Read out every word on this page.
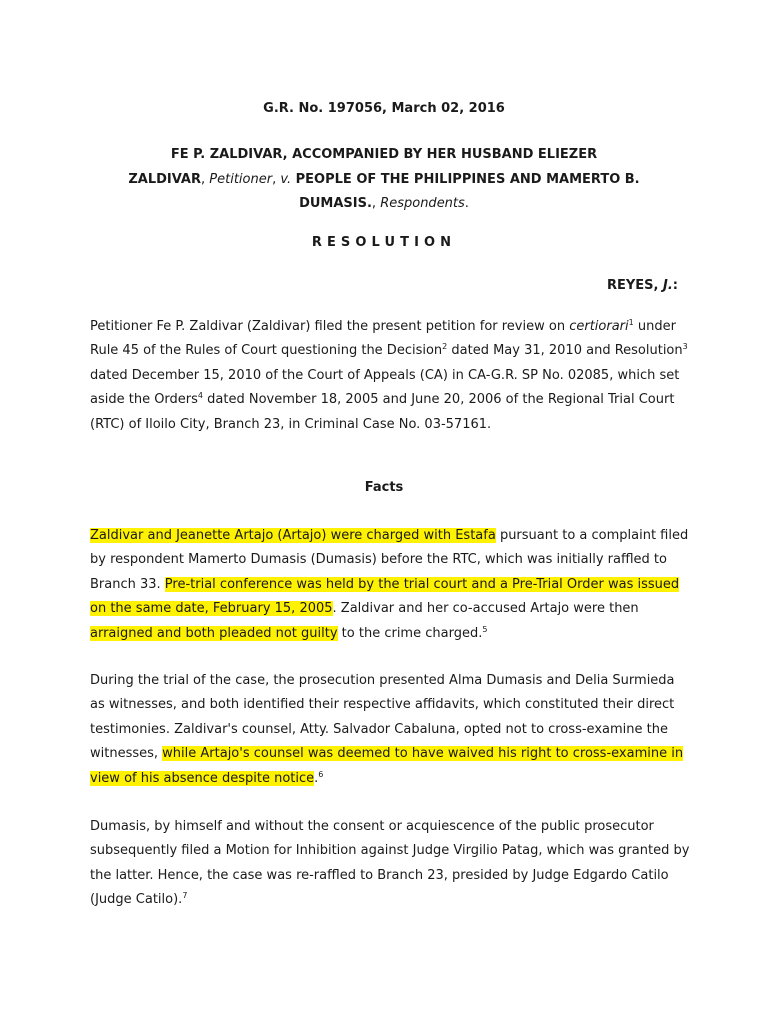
G.R. No. 197056, March 02, 2016
FE P. ZALDIVAR, ACCOMPANIED BY HER HUSBAND ELIEZER
ZALDIVAR, Petitioner, v. PEOPLE OF THE PHILIPPINES AND MAMERTO B.
DUMASIS., Respondents.
RESOLUTION
REYES, J.:

Petitioner Fe P. Zaldivar (Zaldivar) filed the present petition for review on certiorari$^1$ under Rule 45 of the Rules of Court questioning the Decision$^2$ dated May 31, 2010 and Resolution$^3$ dated December 15, 2010 of the Court of Appeals (CA) in CA-G.R. SP No. 02085, which set aside the Orders$^4$ dated November 18, 2005 and June 20, 2006 of the Regional Trial Court (RTC) of Iloilo City, Branch 23, in Criminal Case No. 03-57161.

Facts

Zaldivar and Jeanette Artajo (Artajo) were charged with Estafa pursuant to a complaint filed by respondent Mamerto Dumasis (Dumasis) before the RTC, which was initially raffled to Branch 33. Pre-trial conference was held by the trial court and a Pre-Trial Order was issued on the same date, February 15, 2005. Zaldivar and her co-accused Artajo were then arraigned and both pleaded not guilty to the crime charged.$^5$

During the trial of the case, the prosecution presented Alma Dumasis and Delia Surmieda as witnesses, and both identified their respective affidavits, which constituted their direct testimonies. Zaldivar's counsel, Atty. Salvador Cabaluna, opted not to cross-examine the witnesses, while Artajo's counsel was deemed to have waived his right to cross-examine in view of his absence despite notice.$^6$

Dumasis, by himself and without the consent or acquiescence of the public prosecutor subsequently filed a Motion for Inhibition against Judge Virgilio Patag, which was granted by the latter. Hence, the case was re-raffled to Branch 23, presided by Judge Edgardo Catilo (Judge Catilo).$^7$
